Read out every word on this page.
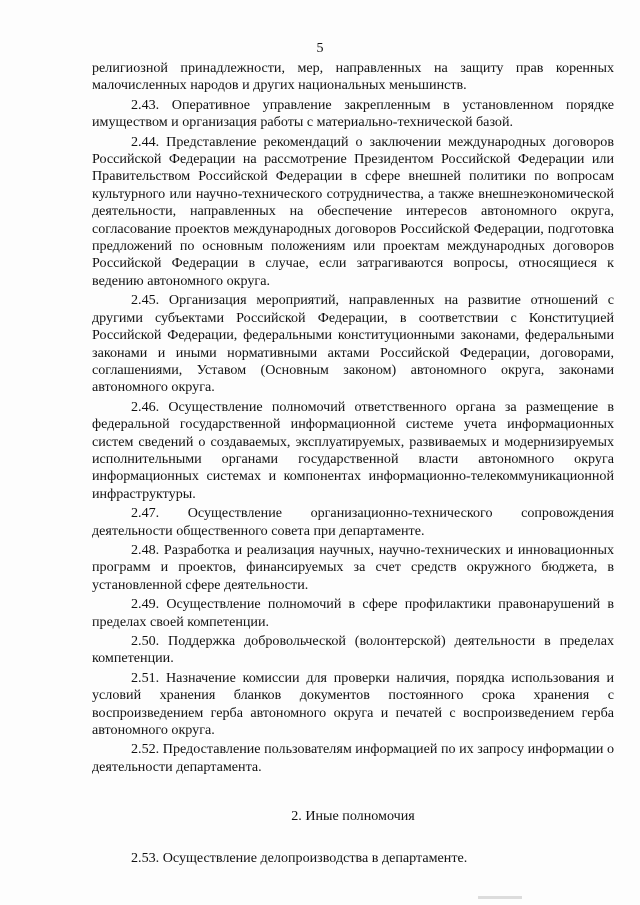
5

религиозной принадлежности, мер, направленных на защиту прав коренных малочисленных народов и других национальных меньшинств.

2.43. Оперативное управление закрепленным в установленном порядке имуществом и организация работы с материально-технической базой.

2.44. Представление рекомендаций о заключении международных договоров Российской Федерации на рассмотрение Президентом Российской Федерации или Правительством Российской Федерации в сфере внешней политики по вопросам культурного или научно-технического сотрудничества, а также внешнеэкономической деятельности, направленных на обеспечение интересов автономного округа, согласование проектов международных договоров Российской Федерации, подготовка предложений по основным положениям или проектам международных договоров Российской Федерации в случае, если затрагиваются вопросы, относящиеся к ведению автономного округа.

2.45. Организация мероприятий, направленных на развитие отношений с другими субъектами Российской Федерации, в соответствии с Конституцией Российской Федерации, федеральными конституционными законами, федеральными законами и иными нормативными актами Российской Федерации, договорами, соглашениями, Уставом (Основным законом) автономного округа, законами автономного округа.

2.46. Осуществление полномочий ответственного органа за размещение в федеральной государственной информационной системе учета информационных систем сведений о создаваемых, эксплуатируемых, развиваемых и модернизируемых исполнительными органами государственной власти автономного округа информационных системах и компонентах информационно-телекоммуникационной инфраструктуры.

2.47. Осуществление организационно-технического сопровождения деятельности общественного совета при департаменте.

2.48. Разработка и реализация научных, научно-технических и инновационных программ и проектов, финансируемых за счет средств окружного бюджета, в установленной сфере деятельности.

2.49. Осуществление полномочий в сфере профилактики правонарушений в пределах своей компетенции.

2.50. Поддержка добровольческой (волонтерской) деятельности в пределах компетенции.

2.51. Назначение комиссии для проверки наличия, порядка использования и условий хранения бланков документов постоянного срока хранения с воспроизведением герба автономного округа и печатей с воспроизведением герба автономного округа.

2.52. Предоставление пользователям информацией по их запросу информации о деятельности департамента.

2. Иные полномочия

2.53. Осуществление делопроизводства в департаменте.
